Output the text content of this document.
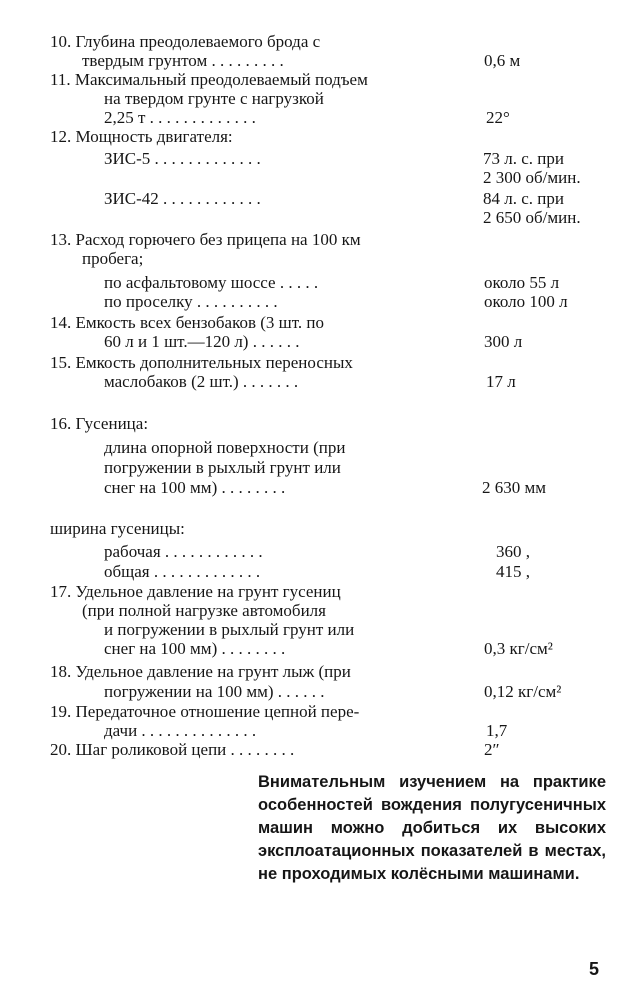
10. Глубина преодолеваемого брода с
твердым грунтом . . . . . . . . .	0,6 м
11. Максимальный преодолеваемый подъем
на твердом грунте с нагрузкой
2,25 т . . . . . . . . . . . . .	22°
12. Мощность двигателя:
ЗИС-5 . . . . . . . . . . . . .	73 л. с. при
2 300 об/мин.
ЗИС-42 . . . . . . . . . . . .	84 л. с. при
2 650 об/мин.
13. Расход горючего без прицепа на 100 км
пробега;
по асфальтовому шоссе . . . . .	около 55 л
по проселку . . . . . . . . . .	около 100 л
14. Емкость всех бензобаков (3 шт. по
60 л и 1 шт.—120 л) . . . . . .	300 л
15. Емкость дополнительных переносных
маслобаков (2 шт.) . . . . . . .	17 л
16. Гусеница:
длина опорной поверхности (при
погружении в рыхлый грунт или
снег на 100 мм) . . . . . . . .	2 630 мм
ширина гусеницы:
рабочая . . . . . . . . . . . .	360 ,
общая . . . . . . . . . . . . .	415 ,
17. Удельное давление на грунт гусениц
(при полной нагрузке автомобиля
и погружении в рыхлый грунт или
снег на 100 мм) . . . . . . . .	0,3 кг/см²
18. Удельное давление на грунт лыж (при
погружении на 100 мм) . . . . . .	0,12 кг/см²
19. Передаточное отношение цепной пере-
дачи . . . . . . . . . . . . . .	1,7
20. Шаг роликовой цепи . . . . . . . .	2″

Внимательным изучением на практике особенностей вождения полугусеничных машин можно добиться их высоких эксплоатационных показателей в местах, не проходимых колёсными машинами.

5
